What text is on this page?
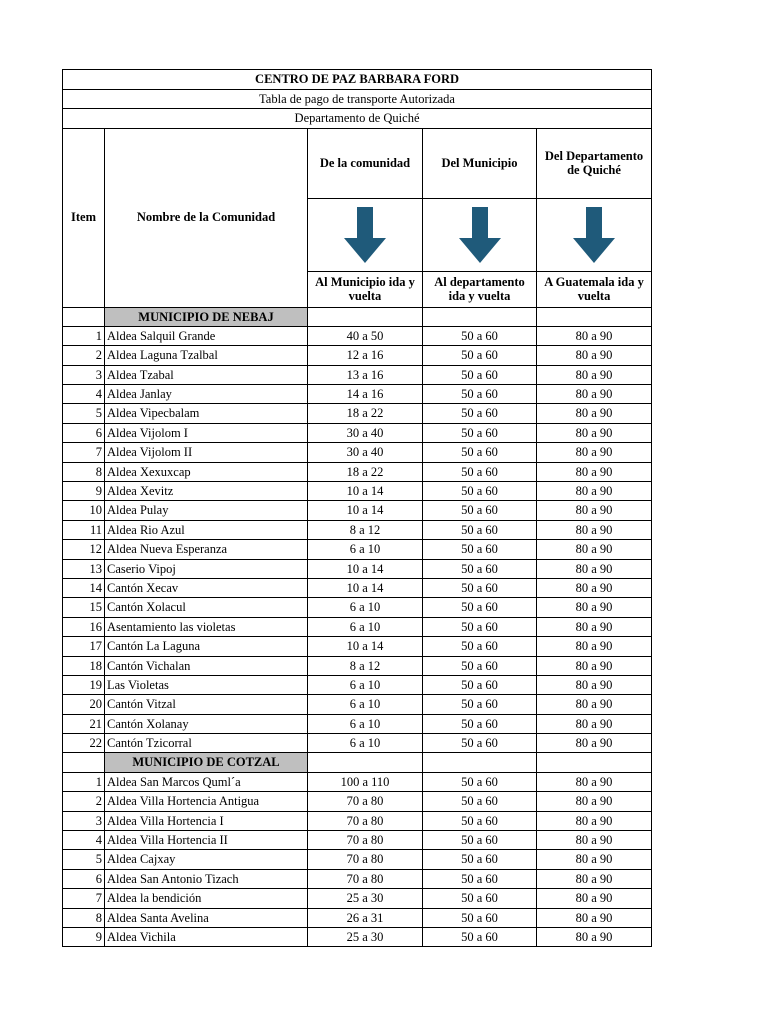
CENTRO DE PAZ BARBARA FORD				
Tabla de pago de transporte Autorizada				
Departamento de Quiché				
Item	Nombre de la Comunidad	De la comunidad	Del Municipio	Del Departamento de Quiché

		Al Municipio ida y vuelta	Al departamento ida y vuelta	A Guatemala ida y vuelta
	MUNICIPIO DE NEBAJ			
1	Aldea Salquil Grande	40 a 50	50 a 60	80 a 90
2	Aldea Laguna Tzalbal	12 a 16	50 a 60	80 a 90
3	Aldea Tzabal	13 a 16	50 a 60	80 a 90
4	Aldea Janlay	14 a 16	50 a 60	80 a 90
5	Aldea Vipecbalam	18 a 22	50 a 60	80 a 90
6	Aldea Vijolom I	30 a 40	50 a 60	80 a 90
7	Aldea Vijolom II	30 a 40	50 a 60	80 a 90
8	Aldea Xexuxcap	18 a 22	50 a 60	80 a 90
9	Aldea Xevitz	10 a 14	50 a 60	80 a 90
10	Aldea Pulay	10 a 14	50 a 60	80 a 90
11	Aldea Rio Azul	8 a 12	50 a 60	80 a 90
12	Aldea Nueva Esperanza	6 a 10	50 a 60	80 a 90
13	Caserio Vipoj	10 a 14	50 a 60	80 a 90
14	Cantón Xecav	10 a 14	50 a 60	80 a 90
15	Cantón Xolacul	6 a 10	50 a 60	80 a 90
16	Asentamiento las violetas	6 a 10	50 a 60	80 a 90
17	Cantón La Laguna	10 a 14	50 a 60	80 a 90
18	Cantón Vichalan	8 a 12	50 a 60	80 a 90
19	Las Violetas	6 a 10	50 a 60	80 a 90
20	Cantón Vitzal	6 a 10	50 a 60	80 a 90
21	Cantón Xolanay	6 a 10	50 a 60	80 a 90
22	Cantón Tzicorral	6 a 10	50 a 60	80 a 90
	MUNICIPIO DE COTZAL			
1	Aldea San Marcos Quml´a	100 a 110	50 a 60	80 a 90
2	Aldea Villa Hortencia Antigua	70 a 80	50 a 60	80 a 90
3	Aldea Villa Hortencia I	70 a 80	50 a 60	80 a 90
4	Aldea Villa Hortencia II	70 a 80	50 a 60	80 a 90
5	Aldea Cajxay	70 a 80	50 a 60	80 a 90
6	Aldea San Antonio Tizach	70 a 80	50 a 60	80 a 90
7	Aldea la bendición	25 a 30	50 a 60	80 a 90
8	Aldea Santa Avelina	26 a 31	50 a 60	80 a 90
9	Aldea Vichila	25 a 30	50 a 60	80 a 90
